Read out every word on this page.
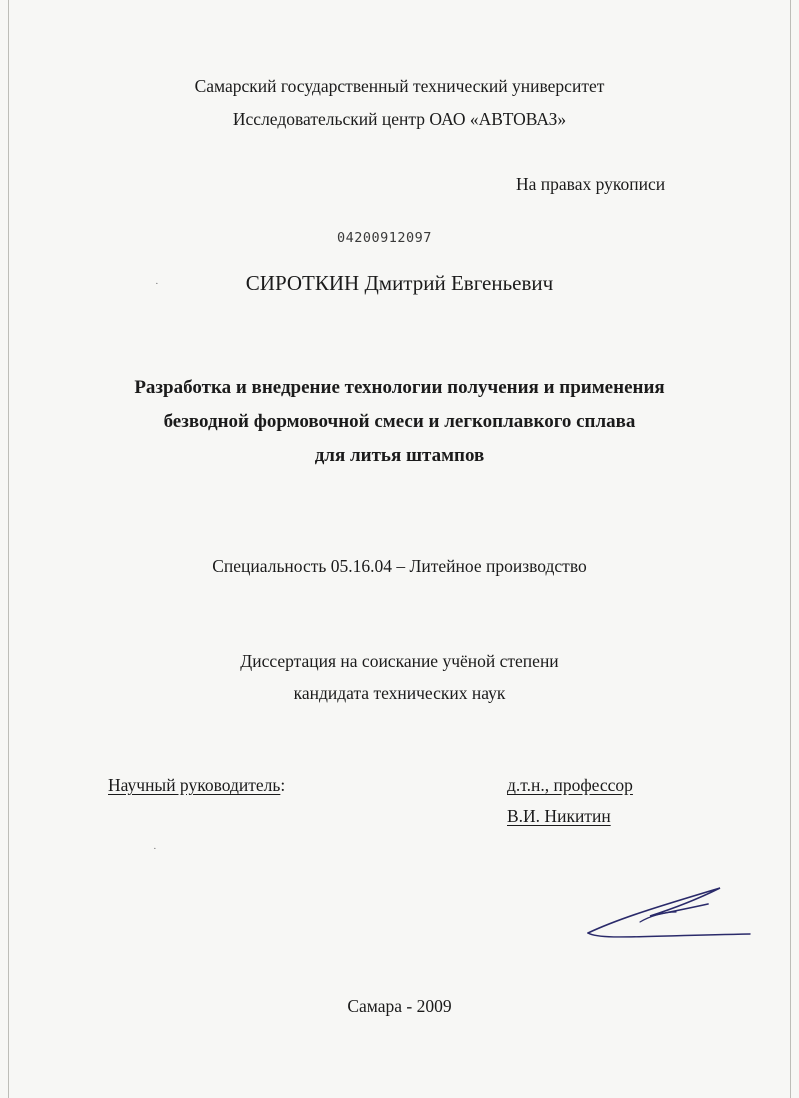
Самарский государственный технический университет
Исследовательский центр ОАО «АВТОВАЗ»
На правах рукописи
04200912097
СИРОТКИН Дмитрий Евгеньевич
Разработка и внедрение технологии получения и применения
безводной формовочной смеси и легкоплавкого сплава
для литья штампов
Специальность 05.16.04 – Литейное производство
Диссертация на соискание учёной степени
кандидата технических наук
Научный руководитель:	д.т.н., профессор
В.И. Никитин
Самара - 2009
·
·
